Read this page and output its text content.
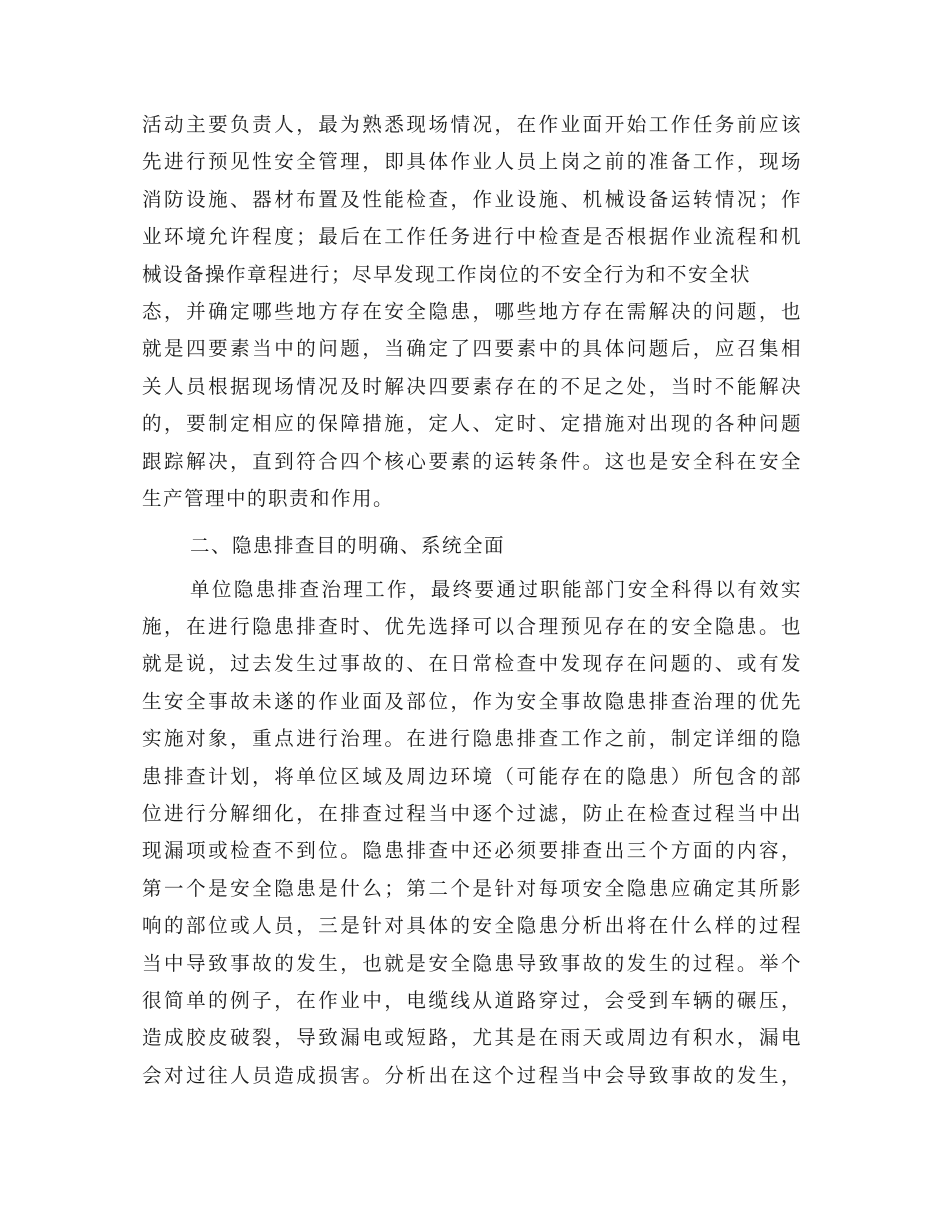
活动主要负责人，最为熟悉现场情况，在作业面开始工作任务前应该
先进行预见性安全管理，即具体作业人员上岗之前的准备工作，现场
消防设施、器材布置及性能检查，作业设施、机械设备运转情况；作
业环境允许程度；最后在工作任务进行中检查是否根据作业流程和机
械设备操作章程进行；尽早发现工作岗位的不安全行为和不安全状
态，并确定哪些地方存在安全隐患，哪些地方存在需解决的问题，也
就是四要素当中的问题，当确定了四要素中的具体问题后，应召集相
关人员根据现场情况及时解决四要素存在的不足之处，当时不能解决
的，要制定相应的保障措施，定人、定时、定措施对出现的各种问题
跟踪解决，直到符合四个核心要素的运转条件。这也是安全科在安全
生产管理中的职责和作用。
二、隐患排查目的明确、系统全面
单位隐患排查治理工作，最终要通过职能部门安全科得以有效实
施，在进行隐患排查时、优先选择可以合理预见存在的安全隐患。也
就是说，过去发生过事故的、在日常检查中发现存在问题的、或有发
生安全事故未遂的作业面及部位，作为安全事故隐患排查治理的优先
实施对象，重点进行治理。在进行隐患排查工作之前，制定详细的隐
患排查计划，将单位区域及周边环境（可能存在的隐患）所包含的部
位进行分解细化，在排查过程当中逐个过滤，防止在检查过程当中出
现漏项或检查不到位。隐患排查中还必须要排查出三个方面的内容，
第一个是安全隐患是什么；第二个是针对每项安全隐患应确定其所影
响的部位或人员，三是针对具体的安全隐患分析出将在什么样的过程
当中导致事故的发生，也就是安全隐患导致事故的发生的过程。举个
很简单的例子，在作业中，电缆线从道路穿过，会受到车辆的碾压，
造成胶皮破裂，导致漏电或短路，尤其是在雨天或周边有积水，漏电
会对过往人员造成损害。分析出在这个过程当中会导致事故的发生，
